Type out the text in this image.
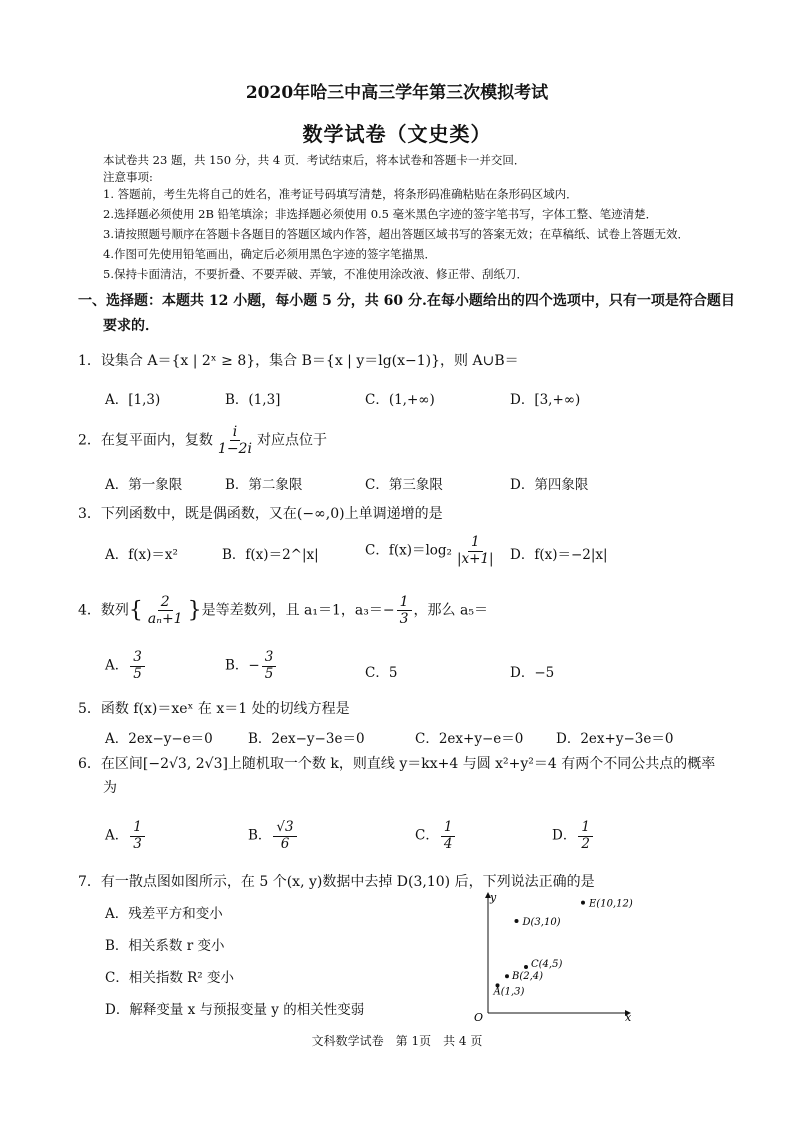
2020年哈三中高三学年第三次模拟考试
数学试卷（文史类）
本试卷共 23 题，共 150 分，共 4 页．考试结束后，将本试卷和答题卡一并交回．
注意事项:
1. 答题前，考生先将自己的姓名，准考证号码填写清楚，将条形码准确粘贴在条形码区域内．
2.选择题必须使用 2B 铅笔填涂；非选择题必须使用 0.5 毫米黑色字迹的签字笔书写，字体工整、笔迹清楚．
3.请按照题号顺序在答题卡各题目的答题区域内作答，超出答题区域书写的答案无效；在草稿纸、试卷上答题无效．
4.作图可先使用铅笔画出，确定后必须用黑色字迹的签字笔描黑．
5.保持卡面清洁，不要折叠、不要弄破、弄皱，不准使用涂改液、修正带、刮纸刀．
一、选择题：本题共 12 小题，每小题 5 分，共 60 分.在每小题给出的四个选项中，只有一项是符合题目
要求的．
1．设集合 A＝{x | 2ˣ ≥ 8}，集合 B＝{x | y＝lg(x−1)}，则 A∪B＝
A．[1,3)	B．(1,3]	C．(1,+∞)	D．[3,+∞)
2．在复平面内，复数 $\frac{i}{1-2i}$ 对应点位于
A．第一象限	B．第二象限	C．第三象限	D．第四象限
3．下列函数中，既是偶函数，又在(−∞,0)上单调递增的是
A．f(x)＝x²	B．f(x)＝2^|x|	C．$f(x)=\log_2 \frac{1}{|x+1|}$ D．f(x)＝−2|x|
4．数列{ $\frac{2}{\text{aₙ+1}}$ }是等差数列，且 a₁＝1，$a_3=- \frac{1}{3}$ ，那么 a₅＝
A． $\frac{3}{5}$	B．− $\frac{3}{5}$	C．5	D．−5
5．函数 f(x)＝xeˣ 在 x＝1 处的切线方程是
A．2ex−y−e＝0	B．2ex−y−3e＝0	C．2ex+y−e＝0 D．2ex+y−3e＝0
6．在区间[−2√3, 2√3]上随机取一个数 k，则直线 y＝kx+4 与圆 x²+y²＝4 有两个不同公共点的概率
为
A． $\frac{1}{3}$	B． $\frac{√3}{6}$	C． $\frac{1}{4}$	D． $\frac{1}{2}$
7．有一散点图如图所示，在 5 个(x, y)数据中去掉 D(3,10) 后，下列说法正确的是
A．残差平方和变小
B．相关系数 r 变小
C．相关指数 R² 变小
D．解释变量 x 与预报变量 y 的相关性变弱	x
y
O
A(1,3)
B(2,4)
C(4,5)
D(3,10)
E(10,12)
文科数学试卷　第 1页　共 4 页
